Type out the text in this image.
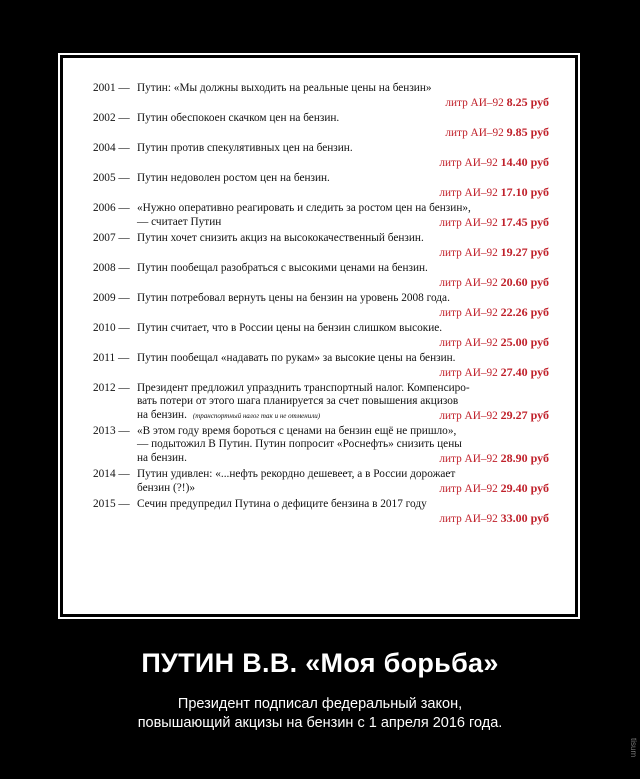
2001 — Путин: «Мы должны выходить на реальные цены на бензин»
литр АИ–92 8.25 руб
2002 — Путин обеспокоен скачком цен на бензин.
литр АИ–92 9.85 руб
2004 — Путин против спекулятивных цен на бензин.
литр АИ–92 14.40 руб
2005 — Путин недоволен ростом цен на бензин.
литр АИ–92 17.10 руб
2006 — «Нужно оперативно реагировать и следить за ростом цен на бензин»,
— считает Путин	литр АИ–92 17.45 руб
2007 — Путин хочет снизить акциз на высококачественный бензин.
литр АИ–92 19.27 руб
2008 — Путин пообещал разобраться с высокими ценами на бензин.
литр АИ–92 20.60 руб
2009 — Путин потребовал вернуть цены на бензин на уровень 2008 года.
литр АИ–92 22.26 руб
2010 — Путин считает, что в России цены на бензин слишком высокие.
литр АИ–92 25.00 руб
2011 — Путин пообещал «надавать по рукам» за высокие цены на бензин.
литр АИ–92 27.40 руб
2012 — Президент предложил упразднить транспортный налог. Компенсиро-
вать потери от этого шага планируется за счет повышения акцизов
на бензин. (транспортный налог так и не отменили)	литр АИ–92 29.27 руб
2013 — «В этом году время бороться с ценами на бензин ещё не пришло»,
— подытожил В Путин. Путин попросит «Роснефть» снизить цены
на бензин.	литр АИ–92 28.90 руб
2014 — Путин удивлен: «...нефть рекордно дешевеет, а в России дорожает
бензин (?!)»	литр АИ–92 29.40 руб
2015 — Сечин предупредил Путина о дефиците бензина в 2017 году
литр АИ–92 33.00 руб
ПУТИН В.В. «Моя борьба»
Президент подписал федеральный закон,
повышающий акцизы на бензин с 1 апреля 2016 года.
tisum
